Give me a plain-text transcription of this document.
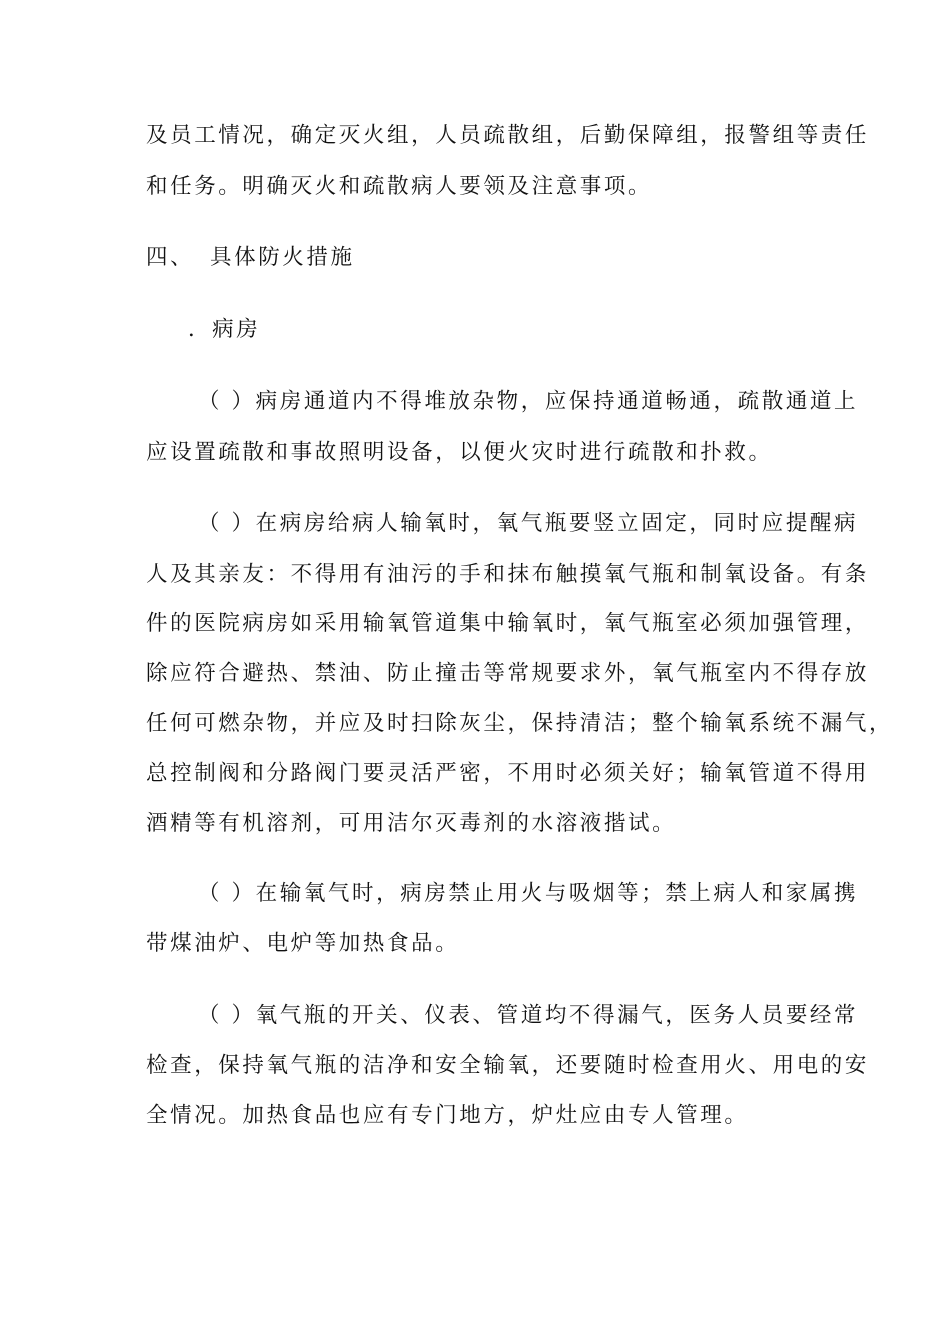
及员工情况，确定灭火组，人员疏散组，后勤保障组，报警组等责任
和任务。明确灭火和疏散病人要领及注意事项。
四、 具体防火措施
．病房
（ ）病房通道内不得堆放杂物，应保持通道畅通，疏散通道上
应设置疏散和事故照明设备，以便火灾时进行疏散和扑救。
（ ）在病房给病人输氧时，氧气瓶要竖立固定，同时应提醒病
人及其亲友：不得用有油污的手和抹布触摸氧气瓶和制氧设备。有条
件的医院病房如采用输氧管道集中输氧时，氧气瓶室必须加强管理，
除应符合避热、禁油、防止撞击等常规要求外，氧气瓶室内不得存放
任何可燃杂物，并应及时扫除灰尘，保持清洁；整个输氧系统不漏气，
总控制阀和分路阀门要灵活严密，不用时必须关好；输氧管道不得用
酒精等有机溶剂，可用洁尔灭毒剂的水溶液揩试。
（ ）在输氧气时，病房禁止用火与吸烟等；禁上病人和家属携
带煤油炉、电炉等加热食品。
（ ）氧气瓶的开关、仪表、管道均不得漏气，医务人员要经常
检查，保持氧气瓶的洁净和安全输氧，还要随时检查用火、用电的安
全情况。加热食品也应有专门地方，炉灶应由专人管理。
